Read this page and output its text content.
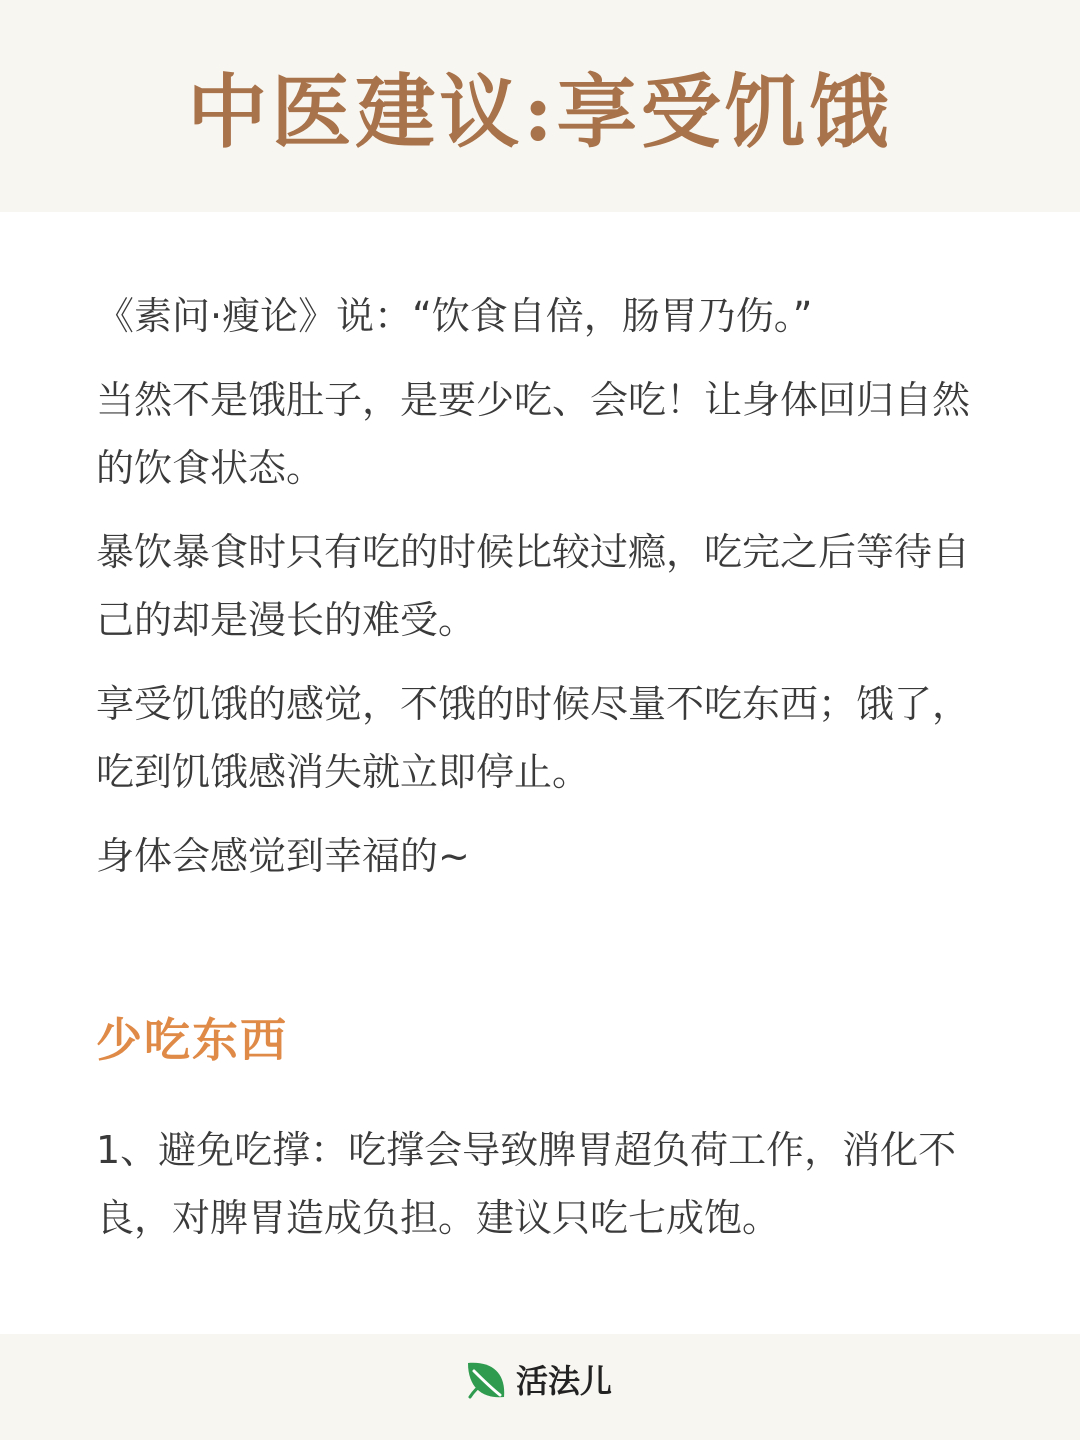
中医建议:享受饥饿

《素问·瘦论》说：“饮食自倍，肠胃乃伤。”

当然不是饿肚子，是要少吃、会吃！让身体回归自然的饮食状态。

暴饮暴食时只有吃的时候比较过瘾，吃完之后等待自己的却是漫长的难受。

享受饥饿的感觉，不饿的时候尽量不吃东西；饿了，吃到饥饿感消失就立即停止。

身体会感觉到幸福的~

少吃东西

1、避免吃撑：吃撑会导致脾胃超负荷工作，消化不良，对脾胃造成负担。建议只吃七成饱。

活法儿
